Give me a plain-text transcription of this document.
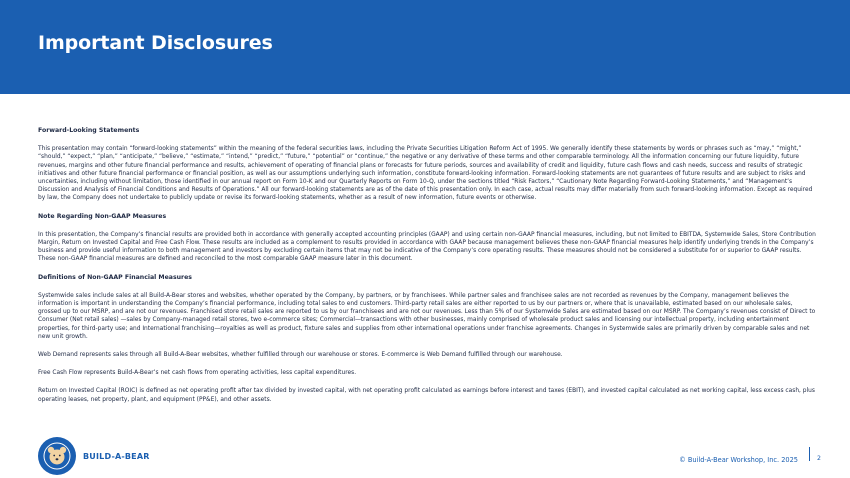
Important Disclosures
Forward-Looking Statements

This presentation may contain “forward-looking statements” within the meaning of the federal securities laws, including the Private Securities Litigation Reform Act of 1995. We generally identify these statements by words or phrases such as “may,” “might,” “should,” “expect,” “plan,” “anticipate,” “believe,” “estimate,” “intend,” “predict,” “future,” “potential” or “continue,” the negative or any derivative of these terms and other comparable terminology. All the information concerning our future liquidity, future revenues, margins and other future financial performance and results, achievement of operating of financial plans or forecasts for future periods, sources and availability of credit and liquidity, future cash flows and cash needs, success and results of strategic initiatives and other future financial performance or financial position, as well as our assumptions underlying such information, constitute forward-looking information. Forward-looking statements are not guarantees of future results and are subject to risks and uncertainties, including without limitation, those identified in our annual report on Form 10-K and our Quarterly Reports on Form 10-Q, under the sections titled “Risk Factors,” “Cautionary Note Regarding Forward-Looking Statements,” and “Management’s Discussion and Analysis of Financial Conditions and Results of Operations.” All our forward-looking statements are as of the date of this presentation only. In each case, actual results may differ materially from such forward-looking information. Except as required by law, the Company does not undertake to publicly update or revise its forward-looking statements, whether as a result of new information, future events or otherwise.

Note Regarding Non-GAAP Measures

In this presentation, the Company’s financial results are provided both in accordance with generally accepted accounting principles (GAAP) and using certain non-GAAP financial measures, including, but not limited to EBITDA, Systemwide Sales, Store Contribution Margin, Return on Invested Capital and Free Cash Flow. These results are included as a complement to results provided in accordance with GAAP because management believes these non-GAAP financial measures help identify underlying trends in the Company’s business and provide useful information to both management and investors by excluding certain items that may not be indicative of the Company’s core operating results. These measures should not be considered a substitute for or superior to GAAP results. These non-GAAP financial measures are defined and reconciled to the most comparable GAAP measure later in this document.

Definitions of Non-GAAP Financial Measures

Systemwide sales include sales at all Build-A-Bear stores and websites, whether operated by the Company, by partners, or by franchisees. While partner sales and franchisee sales are not recorded as revenues by the Company, management believes the information is important in understanding the Company’s financial performance, including total sales to end customers. Third-party retail sales are either reported to us by our partners or, where that is unavailable, estimated based on our wholesale sales, grossed up to our MSRP, and are not our revenues. Franchised store retail sales are reported to us by our franchisees and are not our revenues. Less than 5% of our Systemwide Sales are estimated based on our MSRP. The Company’s revenues consist of Direct to Consumer (Net retail sales) —sales by Company-managed retail stores, two e-commerce sites; Commercial—transactions with other businesses, mainly comprised of wholesale product sales and licensing our intellectual property, including entertainment properties, for third-party use; and International franchising—royalties as well as product, fixture sales and supplies from other international operations under franchise agreements. Changes in Systemwide sales are primarily driven by comparable sales and net new unit growth.

Web Demand represents sales through all Build-A-Bear websites, whether fulfilled through our warehouse or stores. E-commerce is Web Demand fulfilled through our warehouse.

Free Cash Flow represents Build-A-Bear’s net cash flows from operating activities, less capital expenditures.

Return on Invested Capital (ROIC) is defined as net operating profit after tax divided by invested capital, with net operating profit calculated as earnings before interest and taxes (EBIT), and invested capital calculated as net working capital, less excess cash, plus operating leases, net property, plant, and equipment (PP&E), and other assets.

BUILD-A-BEAR	© Build-A-Bear Workshop, Inc. 2025	2
